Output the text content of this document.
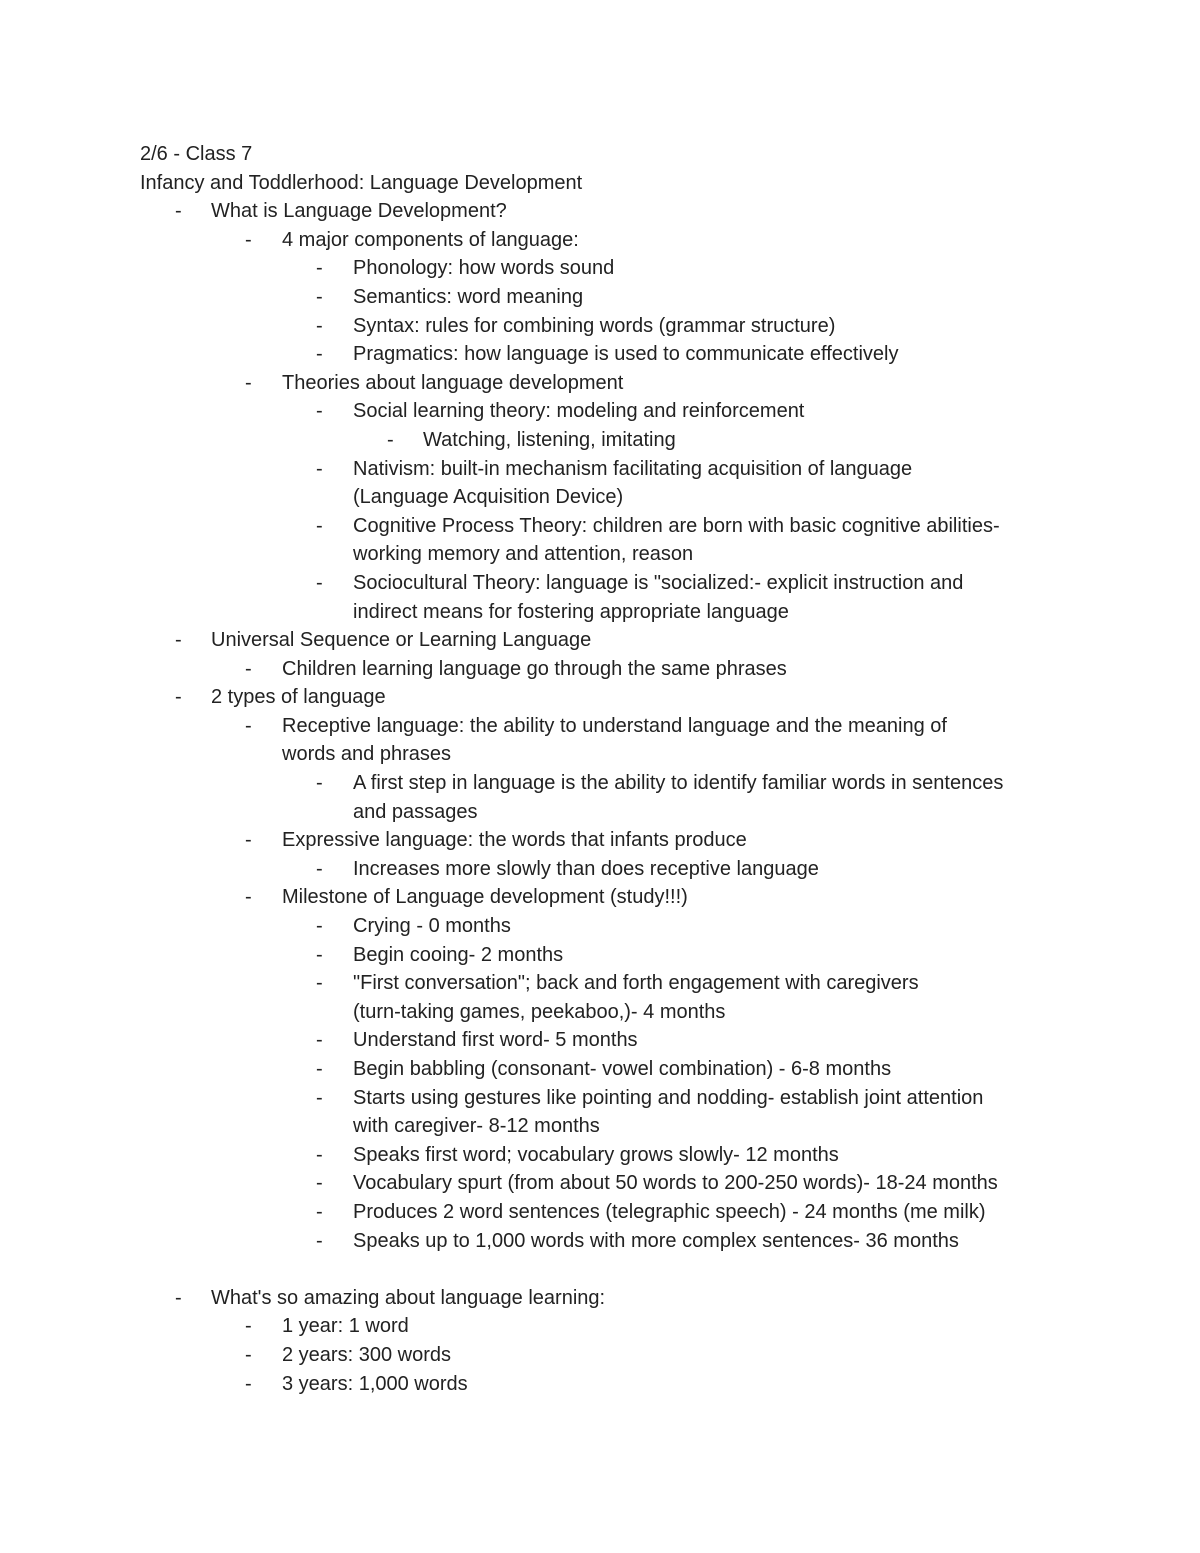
2/6 - Class 7
Infancy and Toddlerhood: Language Development
- What is Language Development?
- 4 major components of language:
- Phonology: how words sound
- Semantics: word meaning
- Syntax: rules for combining words (grammar structure)
- Pragmatics: how language is used to communicate effectively
- Theories about language development
- Social learning theory: modeling and reinforcement
- Watching, listening, imitating
- Nativism: built-in mechanism facilitating acquisition of language
(Language Acquisition Device)
- Cognitive Process Theory: children are born with basic cognitive abilities-
working memory and attention, reason
- Sociocultural Theory: language is "socialized:- explicit instruction and
indirect means for fostering appropriate language
- Universal Sequence or Learning Language
- Children learning language go through the same phrases
- 2 types of language
- Receptive language: the ability to understand language and the meaning of
words and phrases
- A first step in language is the ability to identify familiar words in sentences
and passages
- Expressive language: the words that infants produce
- Increases more slowly than does receptive language
- Milestone of Language development (study!!!)
- Crying - 0 months
- Begin cooing- 2 months
- "First conversation"; back and forth engagement with caregivers
(turn-taking games, peekaboo,)- 4 months
- Understand first word- 5 months
- Begin babbling (consonant- vowel combination) - 6-8 months
- Starts using gestures like pointing and nodding- establish joint attention
with caregiver- 8-12 months
- Speaks first word; vocabulary grows slowly- 12 months
- Vocabulary spurt (from about 50 words to 200-250 words)- 18-24 months
- Produces 2 word sentences (telegraphic speech) - 24 months (me milk)
- Speaks up to 1,000 words with more complex sentences- 36 months
- What's so amazing about language learning:
- 1 year: 1 word
- 2 years: 300 words
- 3 years: 1,000 words
